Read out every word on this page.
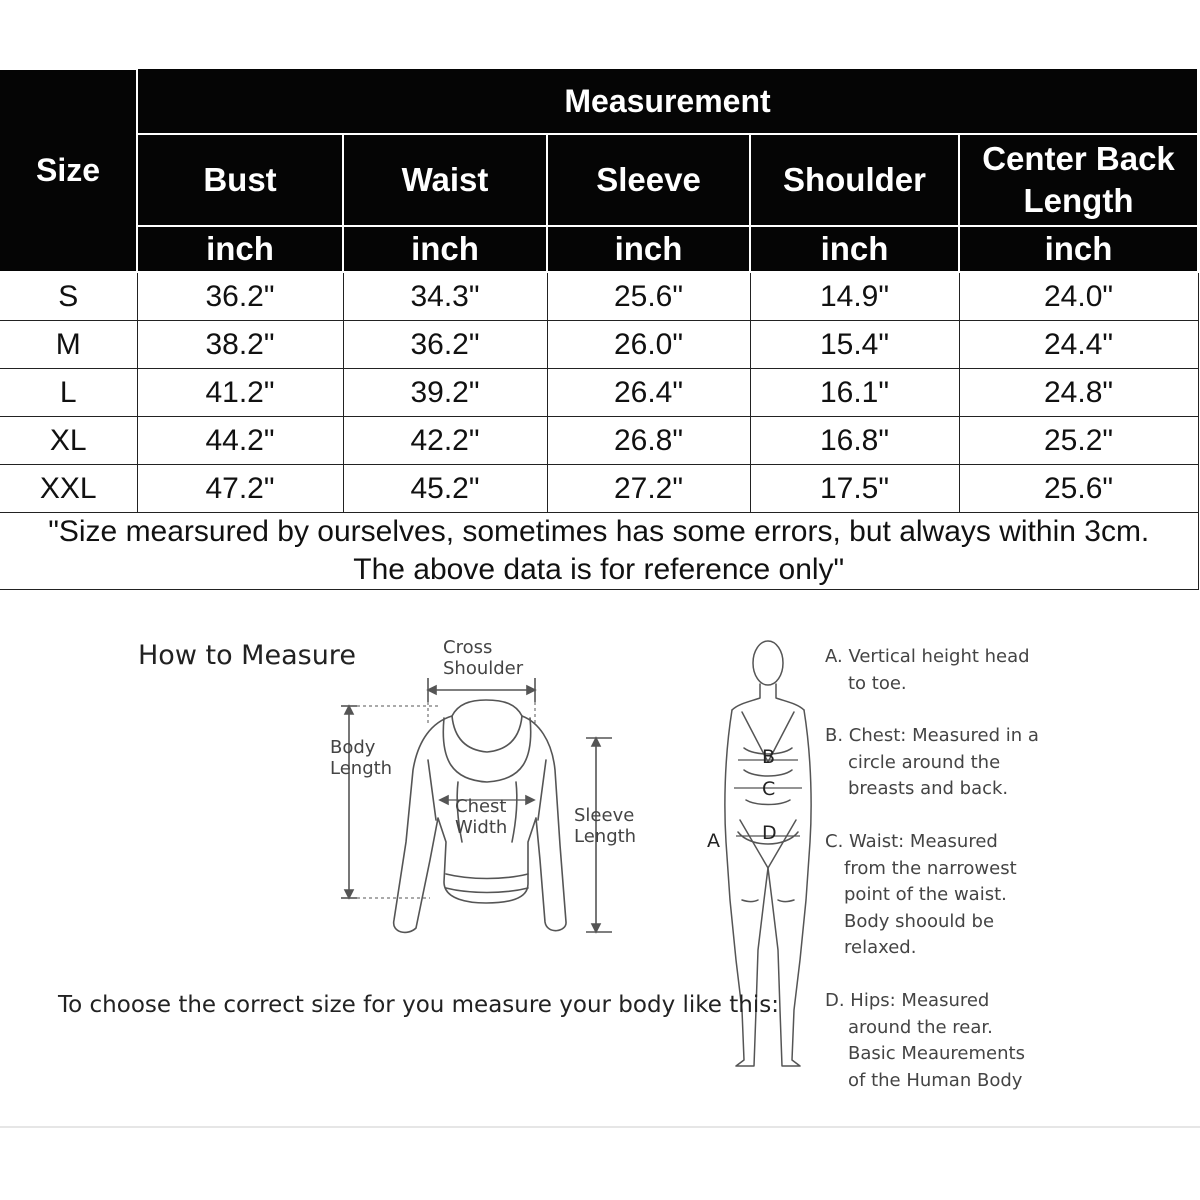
Size	Measurement				
	Bust	Waist	Sleeve	Shoulder	Center Back Length
	inch	inch	inch	inch	inch
S	36.2"	34.3"	25.6"	14.9"	24.0"
M	38.2"	36.2"	26.0"	15.4"	24.4"
L	41.2"	39.2"	26.4"	16.1"	24.8"
XL	44.2"	42.2"	26.8"	16.8"	25.2"
XXL	47.2"	45.2"	27.2"	17.5"	25.6"

"Size mearsured by ourselves, sometimes has some errors, but always within 3cm.
The above data is for reference only"					
How to Measure	Cross
Shoulder
Body
Length
Chest
Width
Sleeve
Length	A
B
C
D
A. Vertical height head
to toe.
B. Chest: Measured in a
circle around the
breasts and back.
C. Waist: Measured
from the narrowest
point of the waist.
Body shoould be
relaxed.
D. Hips: Measured
around the rear.
Basic Meaurements
of the Human Body
To choose the correct size for you measure your body like this:
